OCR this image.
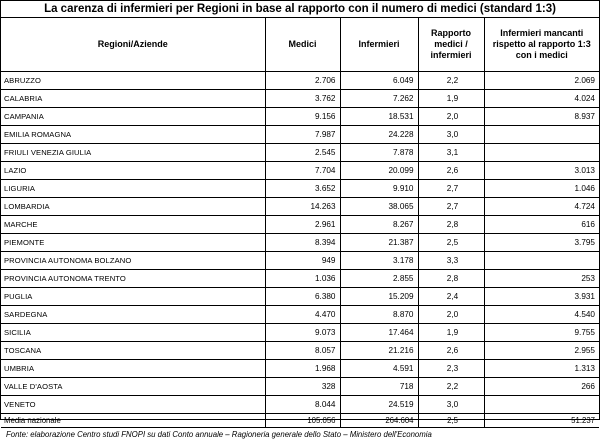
La carenza di infermieri per Regioni in base al rapporto con il numero di medici (standard 1:3)
Regioni/Aziende	Medici	Infermieri	Rapporto medici / infermieri	Infermieri mancanti rispetto al rapporto 1:3 con i medici
ABRUZZO	2.706	6.049	2,2	2.069
CALABRIA	3.762	7.262	1,9	4.024
CAMPANIA	9.156	18.531	2,0	8.937
EMILIA ROMAGNA	7.987	24.228	3,0	
FRIULI VENEZIA GIULIA	2.545	7.878	3,1	
LAZIO	7.704	20.099	2,6	3.013
LIGURIA	3.652	9.910	2,7	1.046
LOMBARDIA	14.263	38.065	2,7	4.724
MARCHE	2.961	8.267	2,8	616
PIEMONTE	8.394	21.387	2,5	3.795
PROVINCIA AUTONOMA BOLZANO	949	3.178	3,3	
PROVINCIA AUTONOMA TRENTO	1.036	2.855	2,8	253
PUGLIA	6.380	15.209	2,4	3.931
SARDEGNA	4.470	8.870	2,0	4.540
SICILIA	9.073	17.464	1,9	9.755
TOSCANA	8.057	21.216	2,6	2.955
UMBRIA	1.968	4.591	2,3	1.313
VALLE D'AOSTA	328	718	2,2	266
VENETO	8.044	24.519	3,0	
Media nazionale	105.056	264.604	2,5	51.237
Fonte: elaborazione Centro studi FNOPI su dati Conto annuale – Ragioneria generale dello Stato – Ministero dell'Economia
